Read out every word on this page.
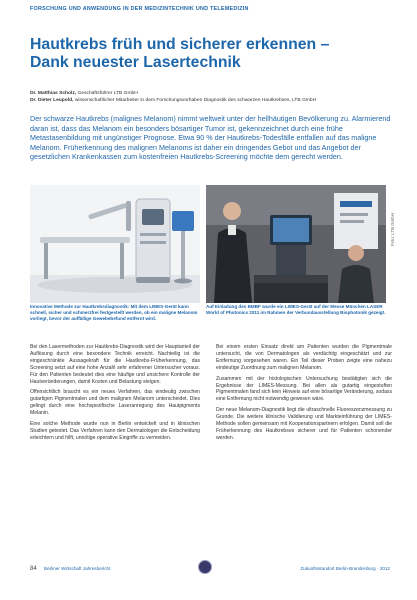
FORSCHUNG UND ANWENDUNG IN DER MEDIZINTECHNIK UND TELEMEDIZIN
Hautkrebs früh und sicherer erkennen –
Dank neuester Lasertechnik
Dr. Matthias Scholz, Geschäftsführer LTB GmbH
Dr. Dieter Leupold, wissenschaftlicher Mitarbeiter in dem Forschungsvorhaben Diagnostik des schwarzen Hautkrebses, LTB GmbH

Der schwarze Hautkrebs (malignes Melanom) nimmt weltweit unter der hellhäutigen Bevölkerung zu. Alarmierend daran ist, dass das Melanom ein besonders bösartiger Tumor ist, gekennzeichnet durch eine frühe Metastasenbildung mit ungünstiger Prognose. Etwa 90 % der Hautkrebs-Todesfälle entfallen auf das maligne Melanom. Früherkennung des malignen Melanoms ist daher ein dringendes Gebot und das Angebot der gesetzlichen Krankenkassen zum kostenfreien Hautkrebs-Screening möchte dem gerecht werden.

Foto: LTB GmbH

Innovative Methode zur Hautkrebsdiagnostik: Mit dem LIMES-Gerät kann schnell, sicher und schmerzfrei festgestellt werden, ob ein maligne Melanom vorliegt, bevor der auffällige Gewebebefund entfernt wird.

Auf Einladung des BMBF wurde ein LIMES-Gerät auf der Messe München LASER World of Photonics 2011 im Rahmen der Verbundausstellung Biophotonik gezeigt.

Bei den Lasermethoden zur Hautkrebs-Diagnostik wird der Hauptanteil der Auflösung durch eine besondere Technik erreicht. Nachteilig ist die eingeschränkte Aussagekraft für die Hautkrebs-Früherkennung, das Screening setzt auf eine hohe Anzahl sehr erfahrener Untersucher voraus. Für den Patienten bedeutet dies eine häufige und unsichere Kontrolle der Hautveränderungen, damit Kosten und Belastung steigen.

Offensichtlich braucht es ein neues Verfahren, das eindeutig zwischen gutartigen Pigmentmalen und dem malignen Melanom unterscheidet. Dies gelingt durch eine hochspezifische Laseranregung des Hautpigments Melanin.

Eine solche Methode wurde nun in Berlin entwickelt und in klinischen Studien getestet. Das Verfahren kann den Dermatologen die Entscheidung erleichtern und hilft, unnötige operative Eingriffe zu vermeiden.

Bei einem ersten Einsatz direkt am Patienten wurden die Pigmentmale untersucht, die von Dermatologen als verdächtig eingeschätzt und zur Entfernung vorgesehen waren. Ein Teil dieser Proben zeigte eine nahezu eindeutige Zuordnung zum malignen Melanom.

Zusammen mit der histologischen Untersuchung bestätigten sich die Ergebnisse der LIMES-Messung. Bei allen als gutartig eingestuften Pigmentmalen fand sich kein Hinweis auf eine bösartige Veränderung, sodass eine Entfernung nicht notwendig gewesen wäre.

Der neue Melanom-Diagnostik liegt die ultraschnelle Fluoreszenzmessung zu Grunde. Die weitere klinische Validierung und Markteinführung der LIMES-Methode sollen gemeinsam mit Kooperationspartnern erfolgen. Damit soll die Früherkennung des Hautkrebses sicherer und für Patienten schonender werden.

84 Berliner Wirtschaft Jahresbericht	Zukunftsstandort Berlin-Brandenburg · 2012
